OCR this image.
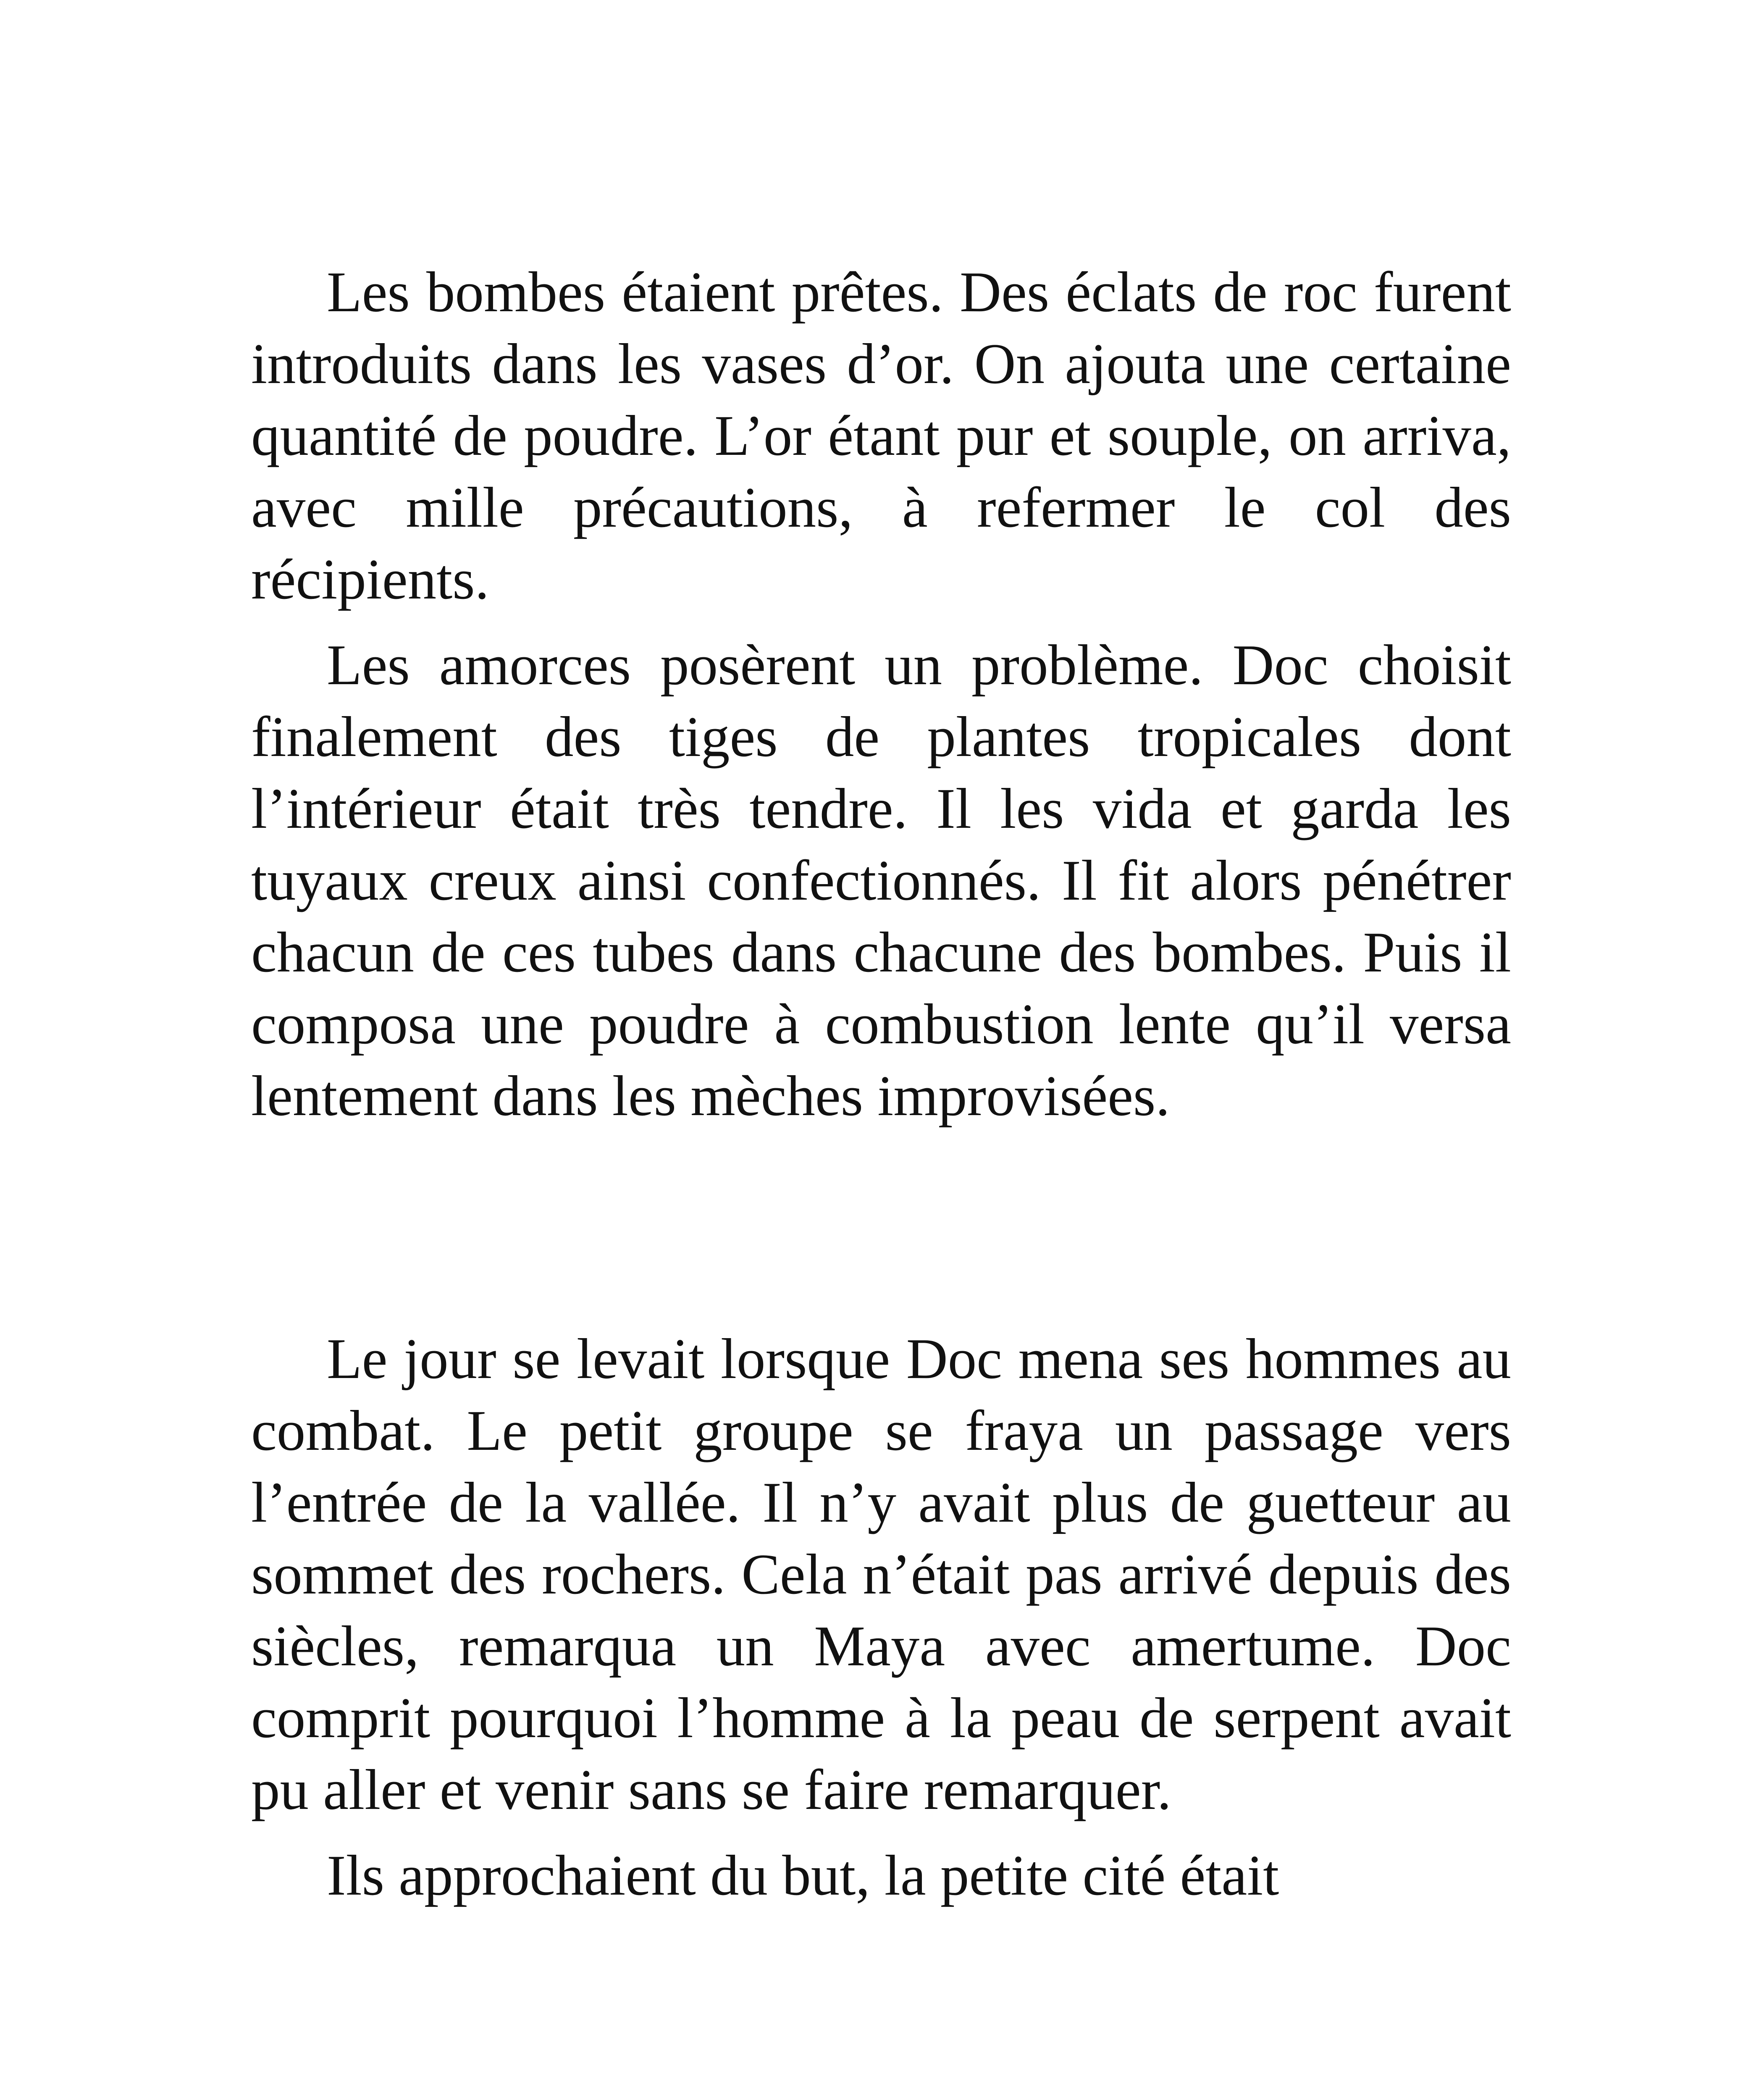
Les bombes étaient prêtes. Des éclats de roc furent introduits dans les vases d’or. On ajouta une certaine quantité de poudre. L’or étant pur et souple, on arriva, avec mille précautions, à refermer le col des récipients.

Les amorces posèrent un problème. Doc choisit finalement des tiges de plantes tropicales dont l’intérieur était très tendre. Il les vida et garda les tuyaux creux ainsi confectionnés. Il fit alors pénétrer chacun de ces tubes dans chacune des bombes. Puis il composa une poudre à combustion lente qu’il versa lentement dans les mèches improvisées.

Le jour se levait lorsque Doc mena ses hommes au combat. Le petit groupe se fraya un passage vers l’entrée de la vallée. Il n’y avait plus de guetteur au sommet des rochers. Cela n’était pas arrivé depuis des siècles, remarqua un Maya avec amertume. Doc comprit pourquoi l’homme à la peau de serpent avait pu aller et venir sans se faire remarquer.

Ils approchaient du but, la petite cité était
